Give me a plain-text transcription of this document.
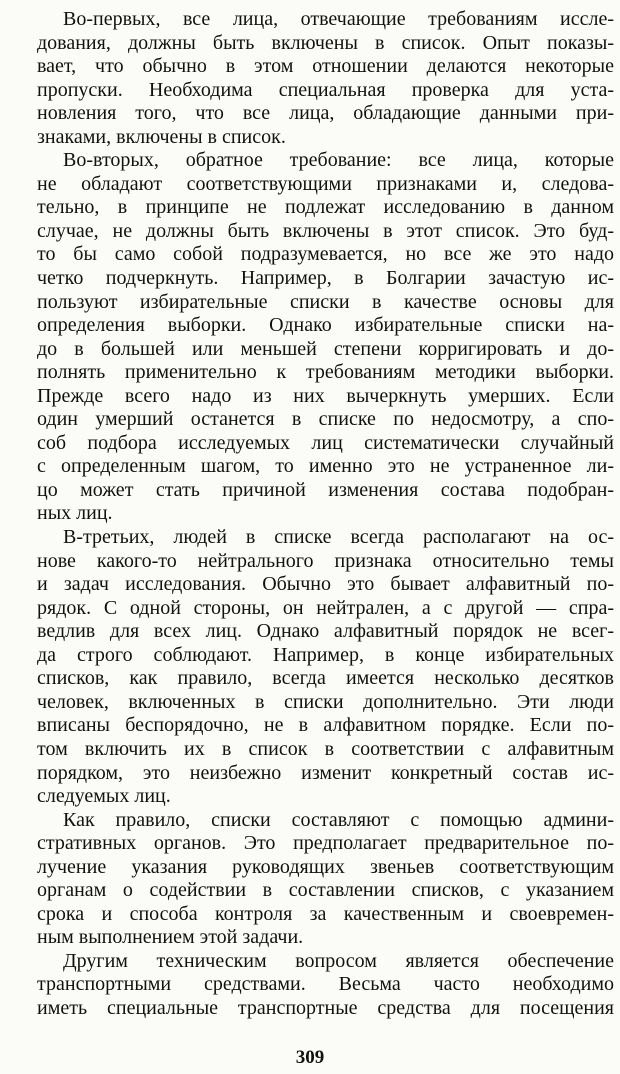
Во-первых, все лица, отвечающие требованиям иссле-
дования, должны быть включены в список. Опыт показы-
вает, что обычно в этом отношении делаются некоторые
пропуски. Необходима специальная проверка для уста-
новления того, что все лица, обладающие данными при-
знаками, включены в список.
Во-вторых, обратное требование: все лица, которые
не обладают соответствующими признаками и, следова-
тельно, в принципе не подлежат исследованию в данном
случае, не должны быть включены в этот список. Это буд-
то бы само собой подразумевается, но все же это надо
четко подчеркнуть. Например, в Болгарии зачастую ис-
пользуют избирательные списки в качестве основы для
определения выборки. Однако избирательные списки на-
до в большей или меньшей степени корригировать и до-
полнять применительно к требованиям методики выборки.
Прежде всего надо из них вычеркнуть умерших. Если
один умерший останется в списке по недосмотру, а спо-
соб подбора исследуемых лиц систематически случайный
с определенным шагом, то именно это не устраненное ли-
цо может стать причиной изменения состава подобран-
ных лиц.
В-третьих, людей в списке всегда располагают на ос-
нове какого-то нейтрального признака относительно темы
и задач исследования. Обычно это бывает алфавитный по-
рядок. С одной стороны, он нейтрален, а с другой — спра-
ведлив для всех лиц. Однако алфавитный порядок не всег-
да строго соблюдают. Например, в конце избирательных
списков, как правило, всегда имеется несколько десятков
человек, включенных в списки дополнительно. Эти люди
вписаны беспорядочно, не в алфавитном порядке. Если по-
том включить их в список в соответствии с алфавитным
порядком, это неизбежно изменит конкретный состав ис-
следуемых лиц.
Как правило, списки составляют с помощью админи-
стративных органов. Это предполагает предварительное по-
лучение указания руководящих звеньев соответствующим
органам о содействии в составлении списков, с указанием
срока и способа контроля за качественным и своевремен-
ным выполнением этой задачи.
Другим техническим вопросом является обеспечение
транспортными средствами. Весьма часто необходимо
иметь специальные транспортные средства для посещения
309
